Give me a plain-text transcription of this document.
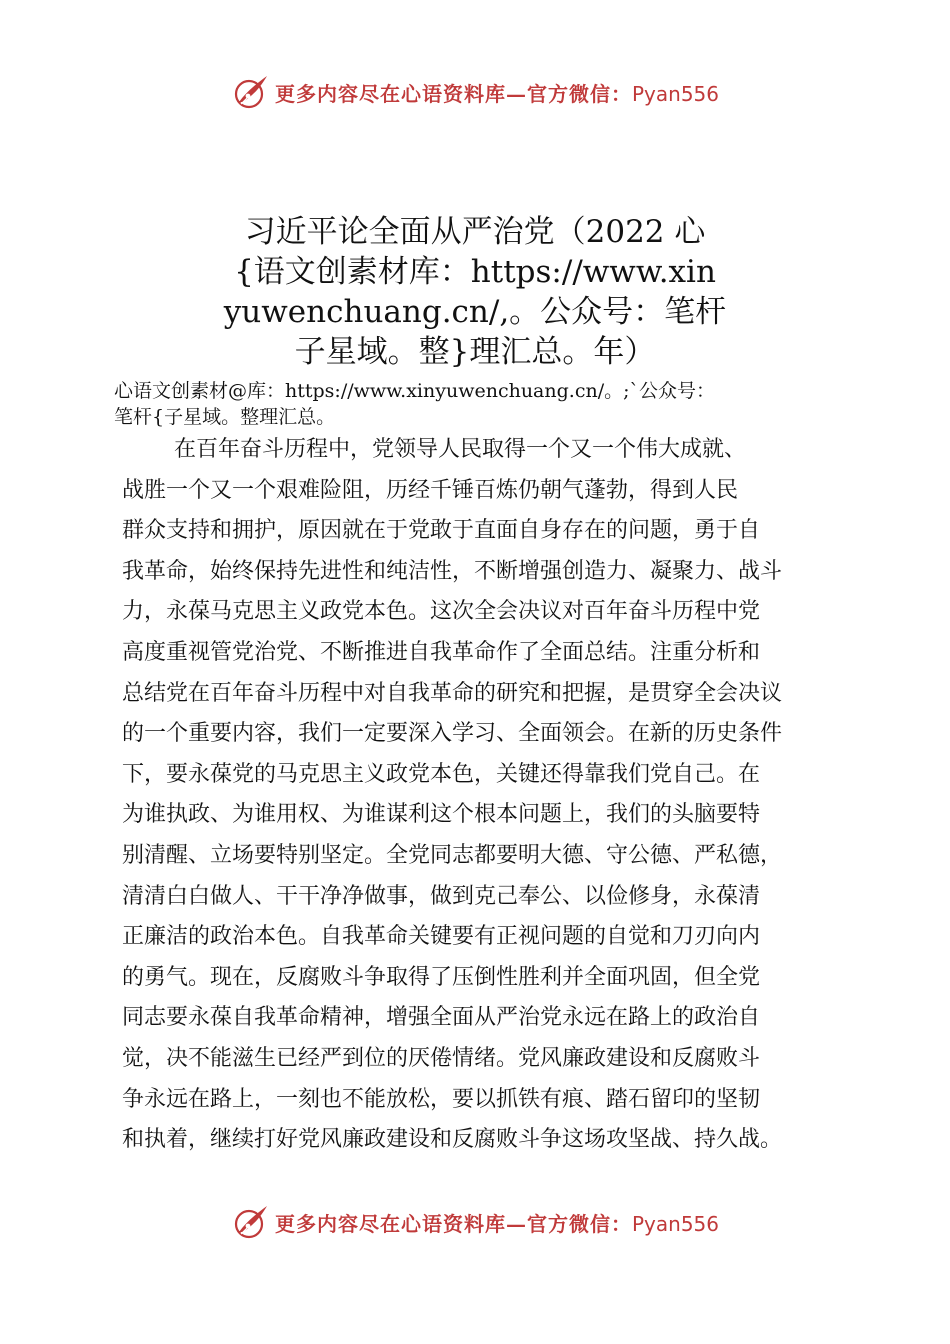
更多内容尽在心语资料库—官方微信：Pyan556
习近平论全面从严治党（2022 心
{语文创素材库：https://www.xin
yuwenchuang.cn/,。公众号：笔杆
子星域。整}理汇总。年）
心语文创素材@库：https://www.xinyuwenchuang.cn/。;`公众号：
笔杆{子星域。整理汇总。
在百年奋斗历程中，党领导人民取得一个又一个伟大成就、
战胜一个又一个艰难险阻，历经千锤百炼仍朝气蓬勃，得到人民
群众支持和拥护，原因就在于党敢于直面自身存在的问题，勇于自
我革命，始终保持先进性和纯洁性，不断增强创造力、凝聚力、战斗
力，永葆马克思主义政党本色。这次全会决议对百年奋斗历程中党
高度重视管党治党、不断推进自我革命作了全面总结。注重分析和
总结党在百年奋斗历程中对自我革命的研究和把握，是贯穿全会决议
的一个重要内容，我们一定要深入学习、全面领会。在新的历史条件
下，要永葆党的马克思主义政党本色，关键还得靠我们党自己。在
为谁执政、为谁用权、为谁谋利这个根本问题上，我们的头脑要特
别清醒、立场要特别坚定。全党同志都要明大德、守公德、严私德，
清清白白做人、干干净净做事，做到克己奉公、以俭修身，永葆清
正廉洁的政治本色。自我革命关键要有正视问题的自觉和刀刃向内
的勇气。现在，反腐败斗争取得了压倒性胜利并全面巩固，但全党
同志要永葆自我革命精神，增强全面从严治党永远在路上的政治自
觉，决不能滋生已经严到位的厌倦情绪。党风廉政建设和反腐败斗
争永远在路上，一刻也不能放松，要以抓铁有痕、踏石留印的坚韧
和执着，继续打好党风廉政建设和反腐败斗争这场攻坚战、持久战。
更多内容尽在心语资料库—官方微信：Pyan556
